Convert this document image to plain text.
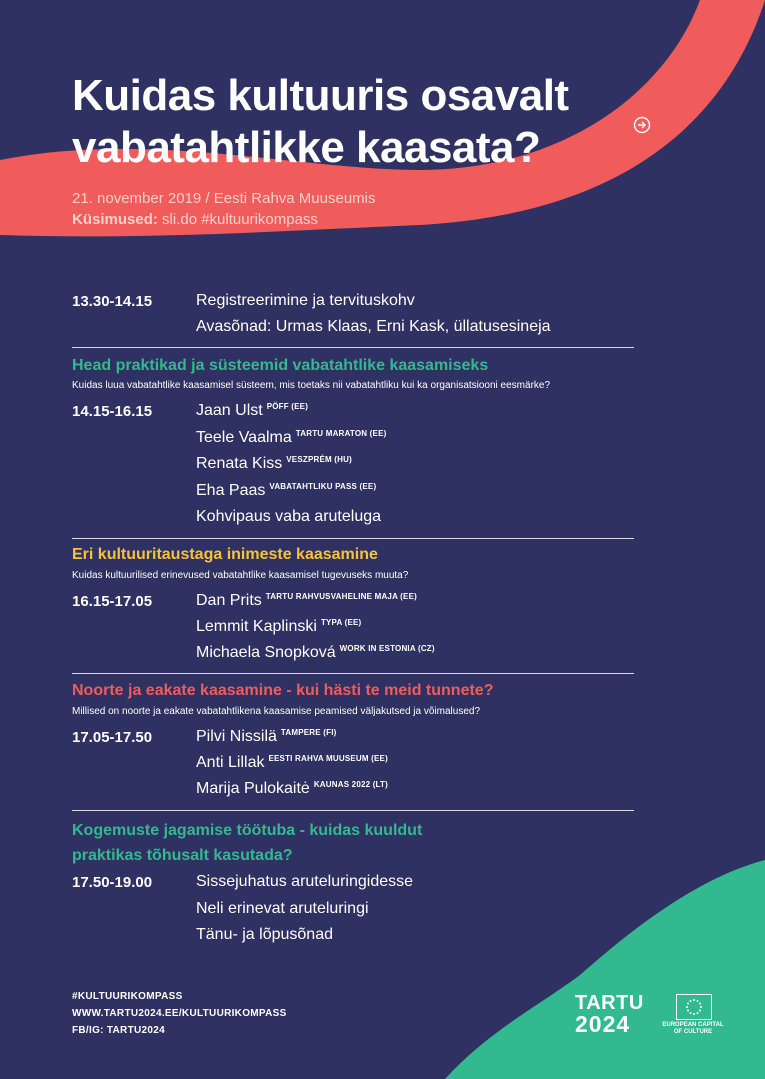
Kuidas kultuuris osavalt
vabatahtlikke kaasata?
21. november 2019 / Eesti Rahva Muuseumis
Küsimused: sli.do #kultuurikompass
13.30-14.15	Registreerimine ja tervituskohv
Avasõnad: Urmas Klaas, Erni Kask, üllatusesineja
Head praktikad ja süsteemid vabatahtlike kaasamiseks
Kuidas luua vabatahtlike kaasamisel süsteem, mis toetaks nii vabatahtliku kui ka organisatsiooni eesmärke?
14.15-16.15	Jaan Ulst $^{PÖFF (EE)}$
Teele Vaalma $^{TARTU MARATON (EE)}$
Renata Kiss $^{VESZPRÉM (HU)}$
Eha Paas $^{VABATAHTLIKU PASS (EE)}$
Kohvipaus vaba aruteluga
Eri kultuuritaustaga inimeste kaasamine
Kuidas kultuurilised erinevused vabatahtlike kaasamisel tugevuseks muuta?
16.15-17.05	Dan Prits $^{TARTU RAHVUSVAHELINE MAJA (EE)}$
Lemmit Kaplinski $^{TYPA (EE)}$
Michaela Snopková $^{WORK IN ESTONIA (CZ)}$
Noorte ja eakate kaasamine - kui hästi te meid tunnete?
Millised on noorte ja eakate vabatahtlikena kaasamise peamised väljakutsed ja võimalused?
17.05-17.50	Pilvi Nissilä $^{TAMPERE (FI)}$
Anti Lillak $^{EESTI RAHVA MUUSEUM (EE)}$
Marija Pulokaitė $^{KAUNAS 2022 (LT)}$
Kogemuste jagamise töötuba - kuidas kuuldut
praktikas tõhusalt kasutada?
17.50-19.00	Sissejuhatus aruteluringidesse
Neli erinevat aruteluringi
Tänu- ja lõpusõnad
#KULTUURIKOMPASS
WWW.TARTU2024.EE/KULTUURIKOMPASS
FB/IG: TARTU2024
TARTU
2024	EUROPEAN CAPITAL
OF CULTURE
